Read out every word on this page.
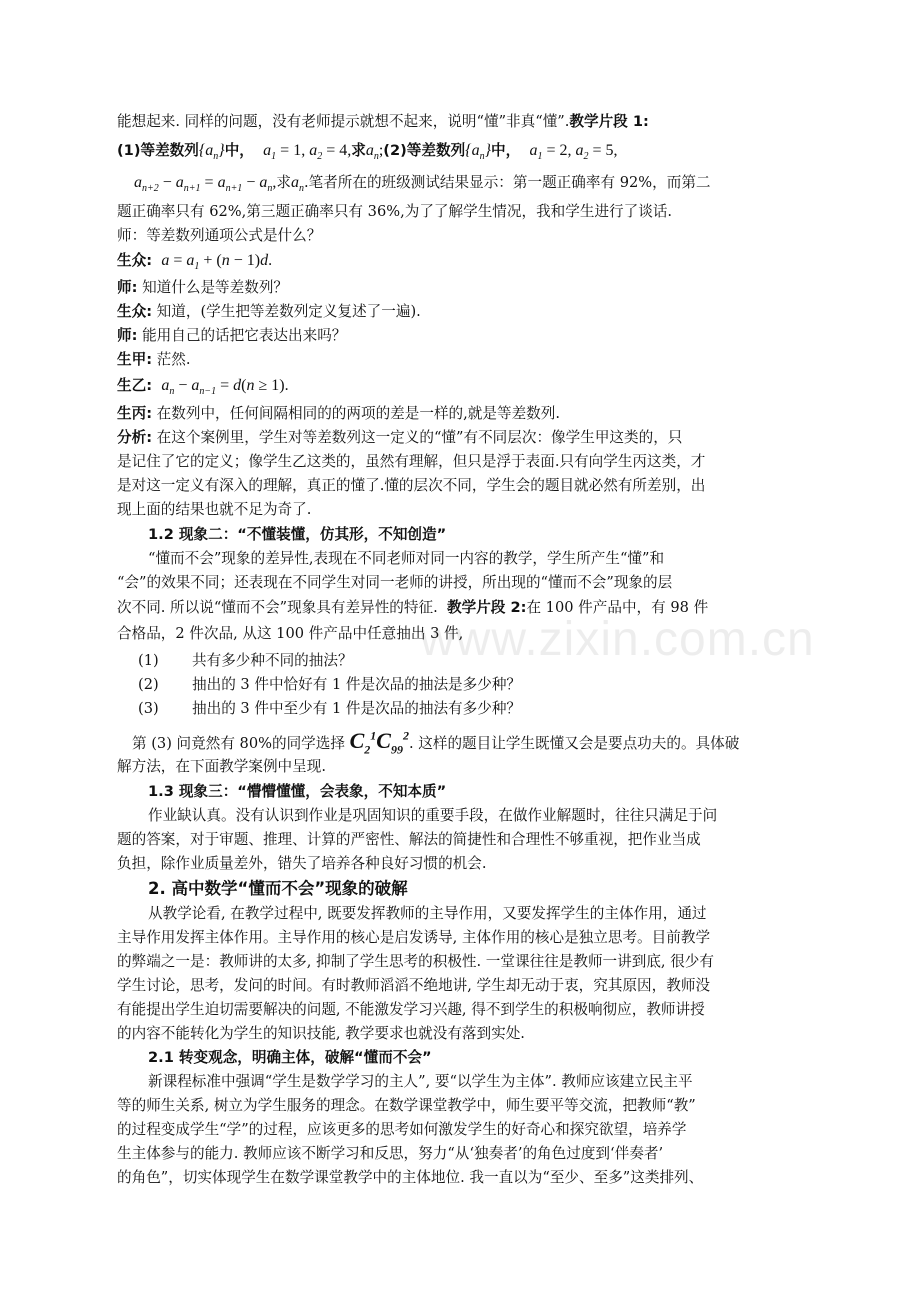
www.zixin.com.cn
能想起来. 同样的问题，没有老师提示就想不起来，说明“懂”非真“懂”.教学片段 1:
(1)等差数列$\{a_n\}$中， $a_1 = 1$, $a_2 = 4$,求$a_n;(2)$等差数列$\{a_n\}$中， $a_1 = 2$, $a_2 = 5$,
$a_{n+2} - a_{n+1} = a_{n+1} - a_n$,求$a_n$.笔者所在的班级测试结果显示：第一题正确率有 92%，而第二
题正确率只有 62%,第三题正确率只有 36%,为了了解学生情况，我和学生进行了谈话.
师：等差数列通项公式是什么？
生众: $a = a_1 + (n - 1)d$.
师: 知道什么是等差数列？
生众: 知道，(学生把等差数列定义复述了一遍).
师: 能用自己的话把它表达出来吗？
生甲: 茫然.
生乙: $a_n - a_{n-1} = d(n \ge 1)$.
生丙: 在数列中，任何间隔相同的的两项的差是一样的,就是等差数列.
分析: 在这个案例里，学生对等差数列这一定义的“懂”有不同层次：像学生甲这类的，只
是记住了它的定义；像学生乙这类的，虽然有理解，但只是浮于表面.只有向学生丙这类，才
是对这一定义有深入的理解，真正的懂了.懂的层次不同，学生会的题目就必然有所差别，出
现上面的结果也就不足为奇了.
1.2 现象二：“不懂装懂，仿其形，不知创造”
“懂而不会”现象的差异性,表现在不同老师对同一内容的教学，学生所产生“懂”和
“会”的效果不同；还表现在不同学生对同一老师的讲授，所出现的“懂而不会”现象的层
次不同. 所以说“懂而不会”现象具有差异性的特征. 教学片段 2:在 100 件产品中，有 98 件
合格品，2 件次品, 从这 100 件产品中任意抽出 3 件,
(1) 共有多少种不同的抽法？
(2) 抽出的 3 件中恰好有 1 件是次品的抽法是多少种？
(3) 抽出的 3 件中至少有 1 件是次品的抽法有多少种？
第 (3) 问竟然有 80%的同学选择 $C_2^1C_{99}^2$. 这样的题目让学生既懂又会是要点功夫的。具体破
解方法，在下面教学案例中呈现.
1.3 现象三：“懵懵懂懂，会表象，不知本质”
作业缺认真。没有认识到作业是巩固知识的重要手段，在做作业解题时，往往只满足于问
题的答案，对于审题、推理、计算的严密性、解法的简捷性和合理性不够重视，把作业当成
负担，除作业质量差外，错失了培养各种良好习惯的机会.
2. 高中数学“懂而不会”现象的破解
从教学论看, 在教学过程中, 既要发挥教师的主导作用，又要发挥学生的主体作用，通过
主导作用发挥主体作用。主导作用的核心是启发诱导, 主体作用的核心是独立思考。目前教学
的弊端之一是：教师讲的太多, 抑制了学生思考的积极性. 一堂课往往是教师一讲到底, 很少有
学生讨论，思考，发问的时间。有时教师滔滔不绝地讲, 学生却无动于衷，究其原因，教师没
有能提出学生迫切需要解决的问题, 不能激发学习兴趣, 得不到学生的积极响彻应，教师讲授
的内容不能转化为学生的知识技能, 教学要求也就没有落到实处.
2.1 转变观念，明确主体，破解“懂而不会”
新课程标准中强调“学生是数学学习的主人”, 要“以学生为主体”. 教师应该建立民主平
等的师生关系, 树立为学生服务的理念。在数学课堂教学中，师生要平等交流，把教师“教”
的过程变成学生“学”的过程，应该更多的思考如何激发学生的好奇心和探究欲望，培养学
生主体参与的能力. 教师应该不断学习和反思，努力“从‘独奏者’的角色过度到‘伴奏者’
的角色”，切实体现学生在数学课堂教学中的主体地位. 我一直以为“至少、至多”这类排列、
